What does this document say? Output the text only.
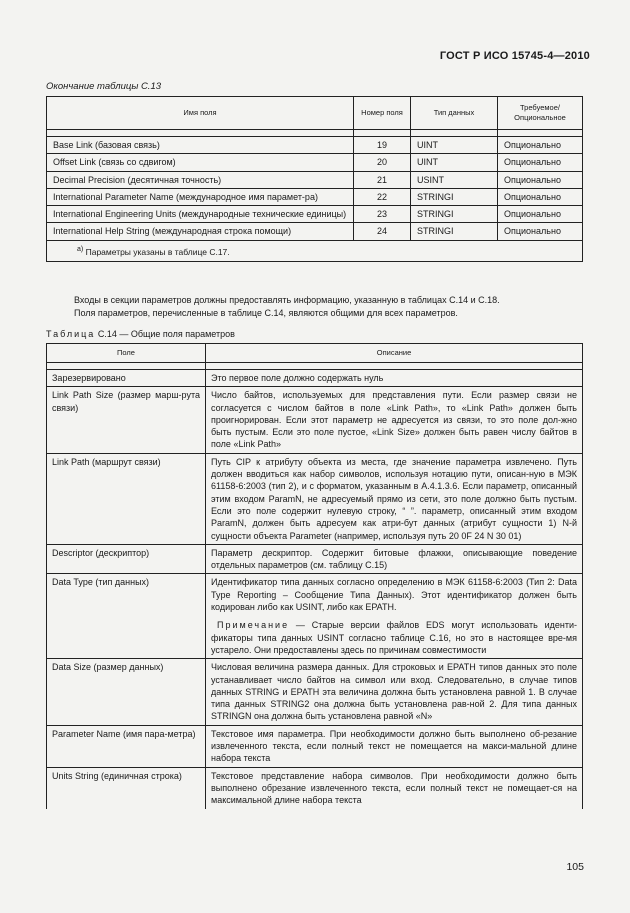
ГОСТ Р ИСО 15745-4—2010
Окончание таблицы С.13
Имя поля	Номер поля	Тип данных	Требуемое/ Опциональное

Base Link (базовая связь)	19	UINT	Опционально
Offset Link (связь со сдвигом)	20	UINT	Опционально
Decimal Precision (десятичная точность)	21	USINT	Опционально
International Parameter Name (международное имя парамет-ра)	22	STRINGI	Опционально
International Engineering Units (международные технические единицы)	23	STRINGI	Опционально
International Help String (международная строка помощи)	24	STRINGI	Опционально
$^{а)}$ Параметры указаны в таблице С.17.			
Входы в секции параметров должны предоставлять информацию, указанную в таблицах С.14 и С.18.
Поля параметров, перечисленные в таблице С.14, являются общими для всех параметров.
Таблица С.14 — Общие поля параметров
Поле	Описание

Зарезервировано	Это первое поле должно содержать нуль
Link Path Size (размер марш-рута связи)	Число байтов, используемых для представления пути. Если размер связи не согласуется с числом байтов в поле «Link Path», то «Link Path» должен быть проигнорирован. Если этот параметр не адресуется из связи, то это поле дол-жно быть пустым. Если это поле пустое, «Link Size» должен быть равен числу байтов в поле «Link Path»
Link Path (маршрут связи)	Путь CIP к атрибуту объекта из места, где значение параметра извлечено. Путь должен вводиться как набор символов, используя нотацию пути, описан-ную в МЭК 61158-6:2003 (тип 2), и с форматом, указанным в А.4.1.3.6. Если параметр, описанный этим входом ParamN, не адресуемый прямо из сети, это поле должно быть пустым. Если это поле содержит нулевую строку, “ ”. параметр, описанный этим входом ParamN, должен быть адресуем как атри-бут данных (атрибут сущности 1) N-й сущности объекта Parameter (например, используя путь 20 0F 24 N 30 01)
Descriptor (дескриптор)	Параметр дескриптор. Содержит битовые флажки, описывающие поведение отдельных параметров (см. таблицу С.15)
Data Type (тип данных)	Идентификатор типа данных согласно определению в МЭК 61158-6:2003 (Тип 2: Data Type Reporting – Сообщение Типа Данных). Этот идентификатор должен быть кодирован либо как USINT, либо как EPATH.
Примечание — Старые версии файлов EDS могут использовать иденти-фикаторы типа данных USINT согласно таблице С.16, но это в настоящее вре-мя устарело. Они предоставлены здесь по причинам совместимости

Data Size (размер данных)	Числовая величина размера данных. Для строковых и EPATH типов данных это поле устанавливает число байтов на символ или вход. Следовательно, в случае типов данных STRING и EPATH эта величина должна быть установлена равной 1. В случае типа данных STRING2 она должна быть установлена рав-ной 2. Для типа данных STRINGN она должна быть установлена равной «N»
Parameter Name (имя пара-метра)	Текстовое имя параметра. При необходимости должно быть выполнено об-резание извлеченного текста, если полный текст не помещается на макси-мальной длине набора текста
Units String (единичная строка)	Текстовое представление набора символов. При необходимости должно быть выполнено обрезание извлеченного текста, если полный текст не помещает-ся на максимальной длине набора текста
105
